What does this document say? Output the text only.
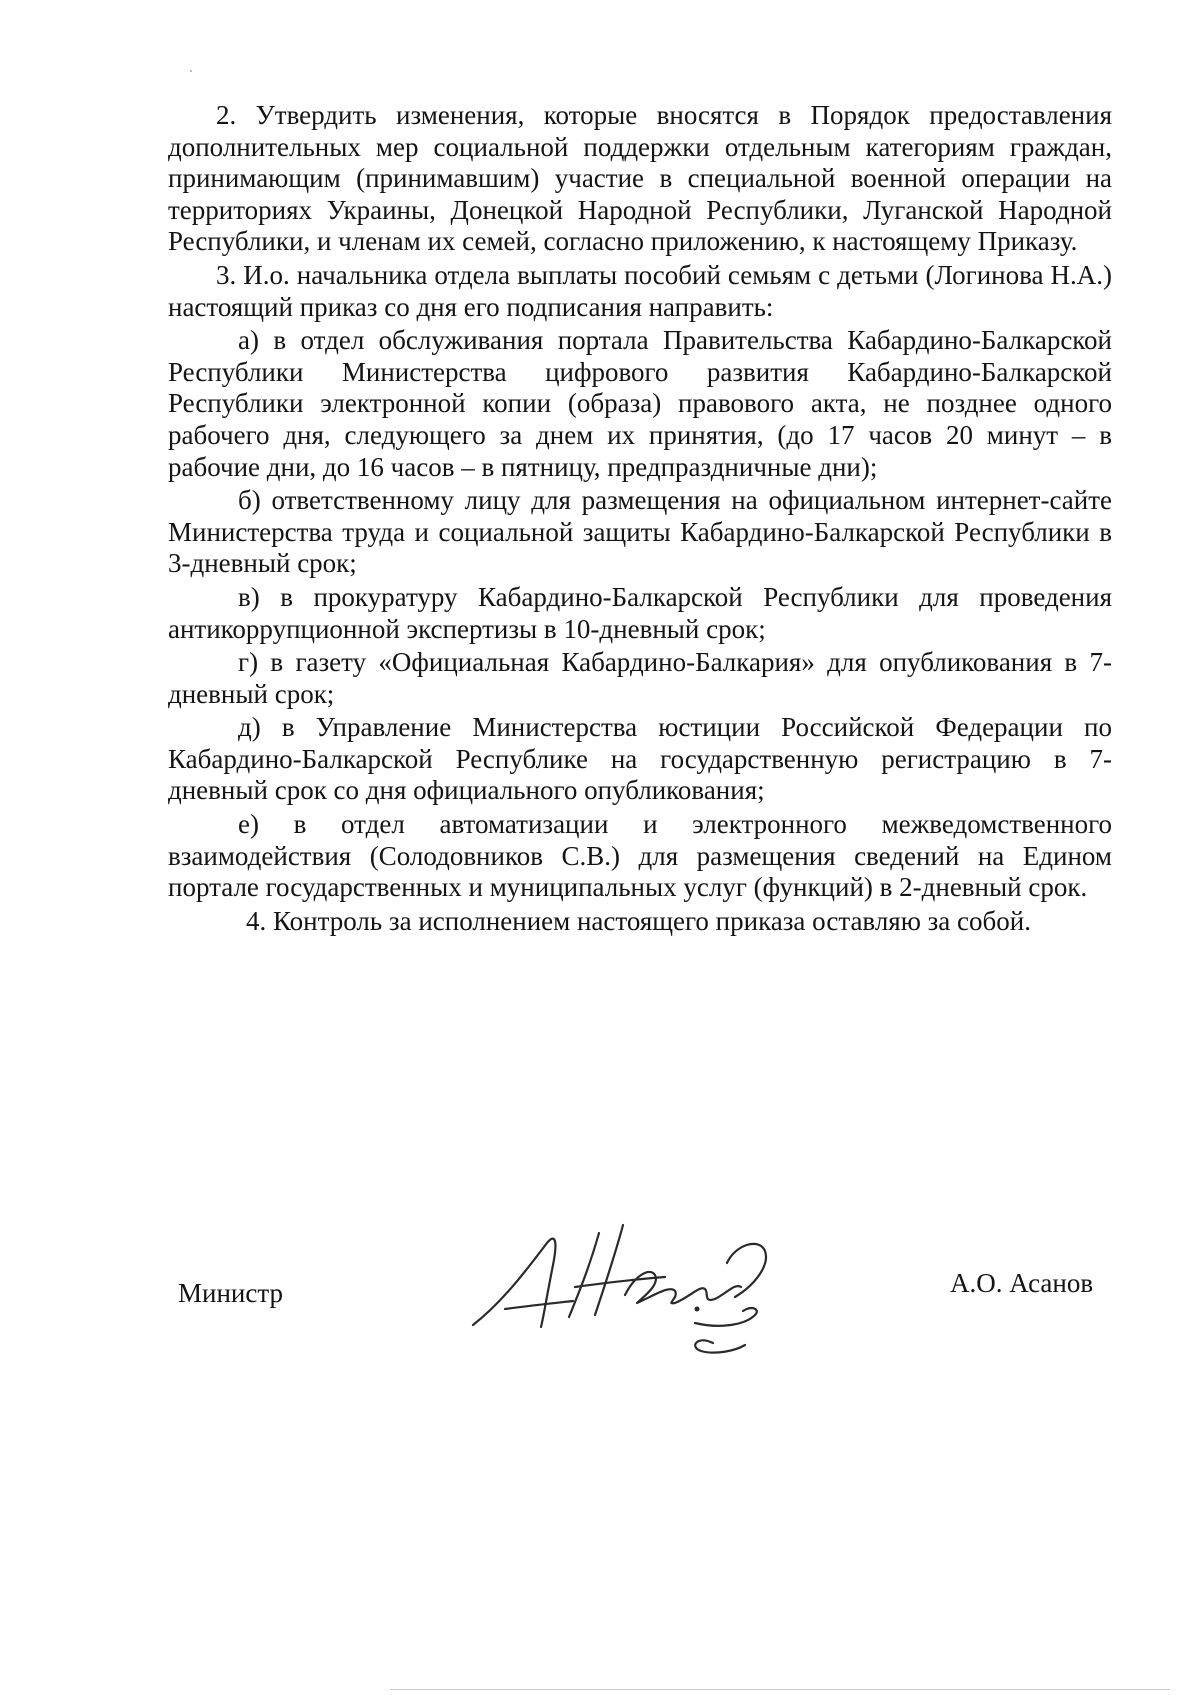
2. Утвердить изменения, которые вносятся в Порядок предоставления дополнительных мер социальной поддержки отдельным категориям граждан, принимающим (принимавшим) участие в специальной военной операции на территориях Украины, Донецкой Народной Республики, Луганской Народной Республики, и членам их семей, согласно приложению, к настоящему Приказу.

3. И.о. начальника отдела выплаты пособий семьям с детьми (Логинова Н.А.) настоящий приказ со дня его подписания направить:

а) в отдел обслуживания портала Правительства Кабардино-Балкарской Республики Министерства цифрового развития Кабардино-Балкарской Республики электронной копии (образа) правового акта, не позднее одного рабочего дня, следующего за днем их принятия, (до 17 часов 20 минут – в рабочие дни, до 16 часов – в пятницу, предпраздничные дни);

б) ответственному лицу для размещения на официальном интернет-сайте Министерства труда и социальной защиты Кабардино-Балкарской Республики в 3-дневный срок;

в) в прокуратуру Кабардино-Балкарской Республики для проведения антикоррупционной экспертизы в 10-дневный срок;

г) в газету «Официальная Кабардино-Балкария» для опубликования в 7-дневный срок;

д) в Управление Министерства юстиции Российской Федерации по Кабардино-Балкарской Республике на государственную регистрацию в 7-дневный срок со дня официального опубликования;

е) в отдел автоматизации и электронного межведомственного взаимодействия (Солодовников С.В.) для размещения сведений на Едином портале государственных и муниципальных услуг (функций) в 2-дневный срок.

4. Контроль за исполнением настоящего приказа оставляю за собой.

Министр	А.О. Асанов
